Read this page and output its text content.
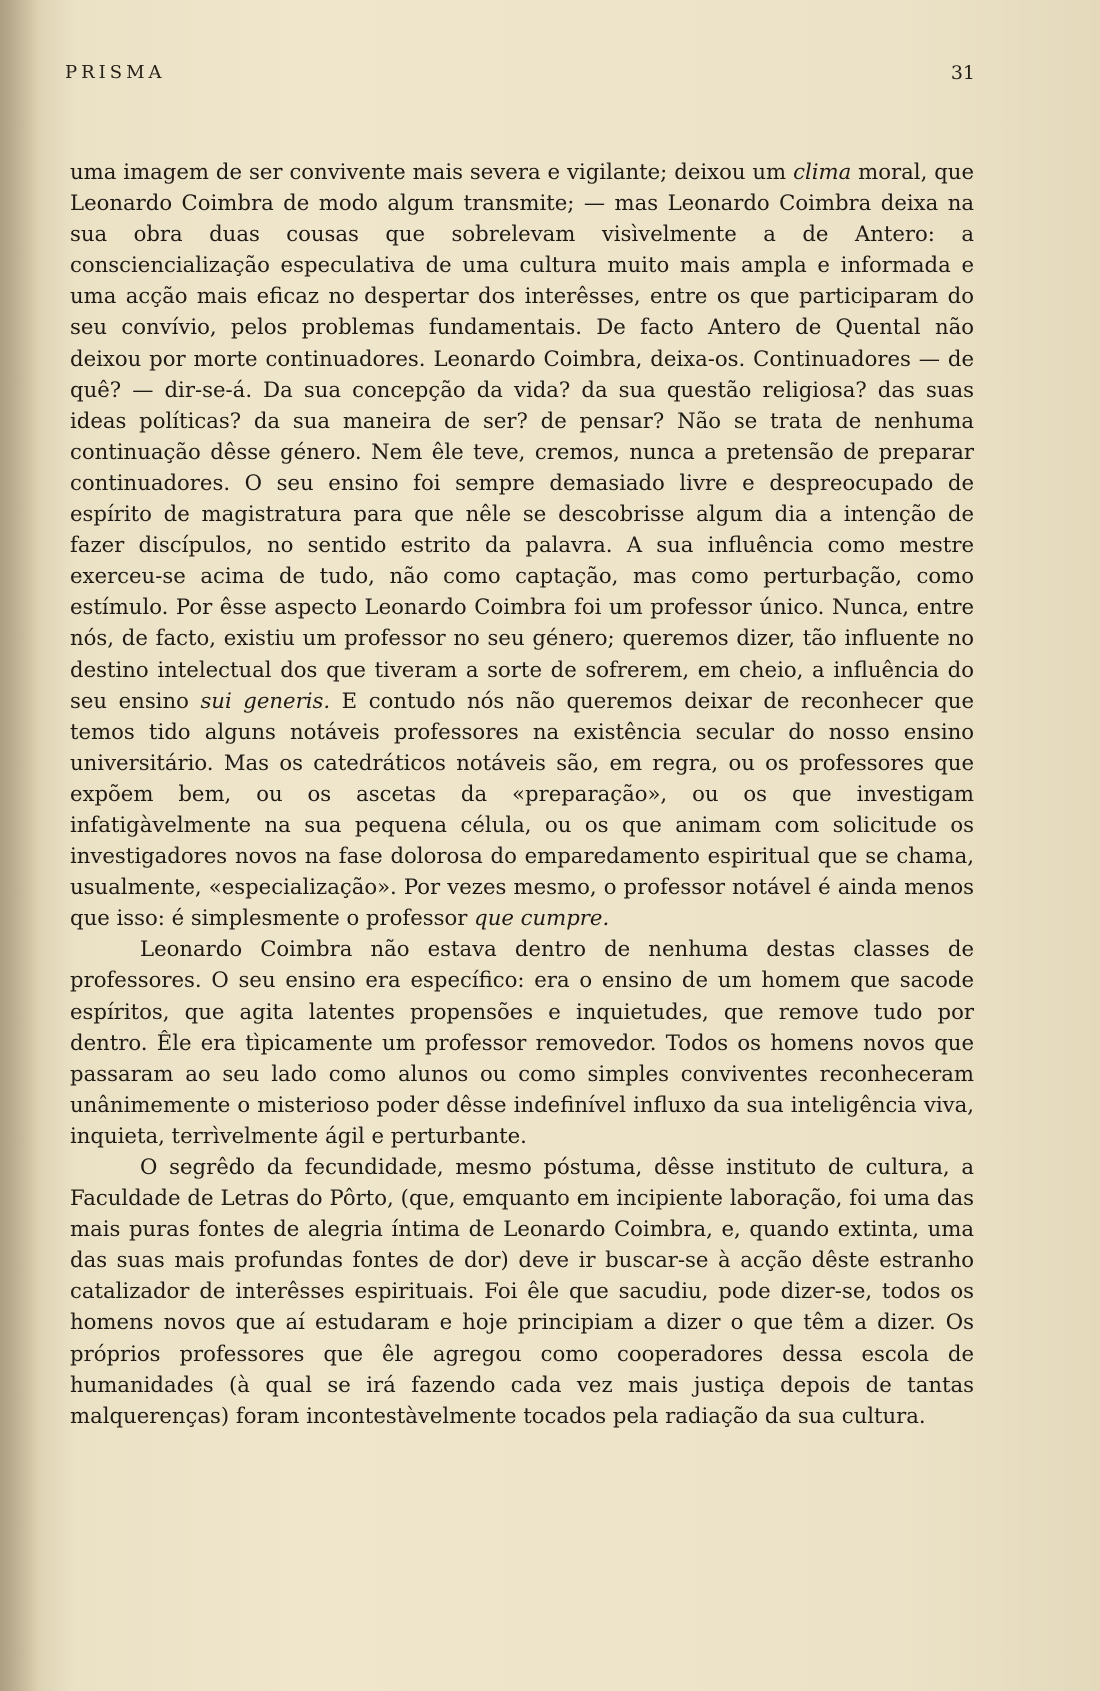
PRISMA	31

uma imagem de ser convivente mais severa e vigilante; deixou um clima moral, que Leonardo Coimbra de modo algum transmite; — mas Leonardo Coimbra deixa na sua obra duas cousas que sobrelevam visìvelmente a de Antero: a consciencialização especulativa de uma cultura muito mais ampla e informada e uma acção mais eficaz no despertar dos interêsses, entre os que participaram do seu convívio, pelos problemas fundamentais. De facto Antero de Quental não deixou por morte continuadores. Leonardo Coimbra, deixa-os. Continuadores — de quê? — dir-se-á. Da sua concepção da vida? da sua questão religiosa? das suas ideas políticas? da sua maneira de ser? de pensar? Não se trata de nenhuma continuação dêsse género. Nem êle teve, cremos, nunca a pretensão de preparar continuadores. O seu ensino foi sempre demasiado livre e despreocupado de espírito de magistratura para que nêle se descobrisse algum dia a intenção de fazer discípulos, no sentido estrito da palavra. A sua influência como mestre exerceu-se acima de tudo, não como captação, mas como perturbação, como estímulo. Por êsse aspecto Leonardo Coimbra foi um professor único. Nunca, entre nós, de facto, existiu um professor no seu género; queremos dizer, tão influente no destino intelectual dos que tiveram a sorte de sofrerem, em cheio, a influência do seu ensino sui generis. E contudo nós não queremos deixar de reconhecer que temos tido alguns notáveis professores na existência secular do nosso ensino universitário. Mas os catedráticos notáveis são, em regra, ou os professores que expõem bem, ou os ascetas da «preparação», ou os que investigam infatigàvelmente na sua pequena célula, ou os que animam com solicitude os investigadores novos na fase dolorosa do emparedamento espiritual que se chama, usualmente, «especialização». Por vezes mesmo, o professor notável é ainda menos que isso: é simplesmente o professor que cumpre.

Leonardo Coimbra não estava dentro de nenhuma destas classes de professores. O seu ensino era específico: era o ensino de um homem que sacode espíritos, que agita latentes propensões e inquietudes, que remove tudo por dentro. Êle era tìpicamente um professor removedor. Todos os homens novos que passaram ao seu lado como alunos ou como simples conviventes reconheceram unânimemente o misterioso poder dêsse indefinível influxo da sua inteligência viva, inquieta, terrìvelmente ágil e perturbante.

O segrêdo da fecundidade, mesmo póstuma, dêsse instituto de cultura, a Faculdade de Letras do Pôrto, (que, emquanto em incipiente laboração, foi uma das mais puras fontes de alegria íntima de Leonardo Coimbra, e, quando extinta, uma das suas mais profundas fontes de dor) deve ir buscar-se à acção dêste estranho catalizador de interêsses espirituais. Foi êle que sacudiu, pode dizer-se, todos os homens novos que aí estudaram e hoje principiam a dizer o que têm a dizer. Os próprios professores que êle agregou como cooperadores dessa escola de humanidades (à qual se irá fazendo cada vez mais justiça depois de tantas malquerenças) foram incontestàvelmente tocados pela radiação da sua cultura.
